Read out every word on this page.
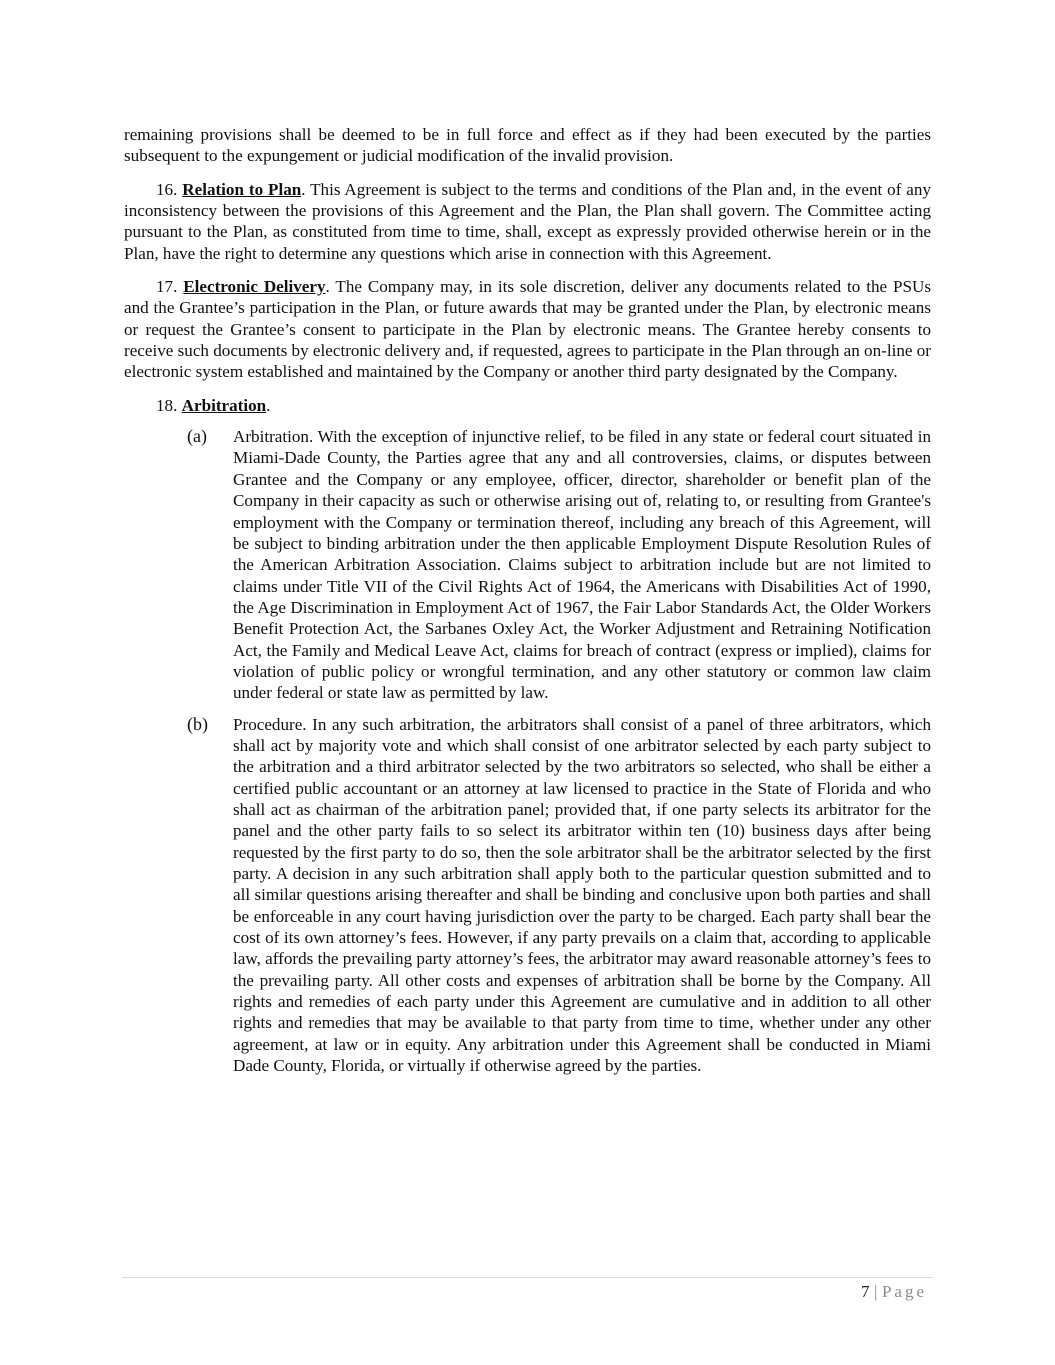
remaining provisions shall be deemed to be in full force and effect as if they had been executed by the parties subsequent to the expungement or judicial modification of the invalid provision.

16. Relation to Plan. This Agreement is subject to the terms and conditions of the Plan and, in the event of any inconsistency between the provisions of this Agreement and the Plan, the Plan shall govern. The Committee acting pursuant to the Plan, as constituted from time to time, shall, except as expressly provided otherwise herein or in the Plan, have the right to determine any questions which arise in connection with this Agreement.

17. Electronic Delivery. The Company may, in its sole discretion, deliver any documents related to the PSUs and the Grantee’s participation in the Plan, or future awards that may be granted under the Plan, by electronic means or request the Grantee’s consent to participate in the Plan by electronic means. The Grantee hereby consents to receive such documents by electronic delivery and, if requested, agrees to participate in the Plan through an on-line or electronic system established and maintained by the Company or another third party designated by the Company.

18. Arbitration.

(a) Arbitration. With the exception of injunctive relief, to be filed in any state or federal court situated in Miami-Dade County, the Parties agree that any and all controversies, claims, or disputes between Grantee and the Company or any employee, officer, director, shareholder or benefit plan of the Company in their capacity as such or otherwise arising out of, relating to, or resulting from Grantee's employment with the Company or termination thereof, including any breach of this Agreement, will be subject to binding arbitration under the then applicable Employment Dispute Resolution Rules of the American Arbitration Association. Claims subject to arbitration include but are not limited to claims under Title VII of the Civil Rights Act of 1964, the Americans with Disabilities Act of 1990, the Age Discrimination in Employment Act of 1967, the Fair Labor Standards Act, the Older Workers Benefit Protection Act, the Sarbanes Oxley Act, the Worker Adjustment and Retraining Notification Act, the Family and Medical Leave Act, claims for breach of contract (express or implied), claims for violation of public policy or wrongful termination, and any other statutory or common law claim under federal or state law as permitted by law.

(b) Procedure. In any such arbitration, the arbitrators shall consist of a panel of three arbitrators, which shall act by majority vote and which shall consist of one arbitrator selected by each party subject to the arbitration and a third arbitrator selected by the two arbitrators so selected, who shall be either a certified public accountant or an attorney at law licensed to practice in the State of Florida and who shall act as chairman of the arbitration panel; provided that, if one party selects its arbitrator for the panel and the other party fails to so select its arbitrator within ten (10) business days after being requested by the first party to do so, then the sole arbitrator shall be the arbitrator selected by the first party. A decision in any such arbitration shall apply both to the particular question submitted and to all similar questions arising thereafter and shall be binding and conclusive upon both parties and shall be enforceable in any court having jurisdiction over the party to be charged. Each party shall bear the cost of its own attorney’s fees. However, if any party prevails on a claim that, according to applicable law, affords the prevailing party attorney’s fees, the arbitrator may award reasonable attorney’s fees to the prevailing party. All other costs and expenses of arbitration shall be borne by the Company. All rights and remedies of each party under this Agreement are cumulative and in addition to all other rights and remedies that may be available to that party from time to time, whether under any other agreement, at law or in equity. Any arbitration under this Agreement shall be conducted in Miami Dade County, Florida, or virtually if otherwise agreed by the parties.

7 | Page
